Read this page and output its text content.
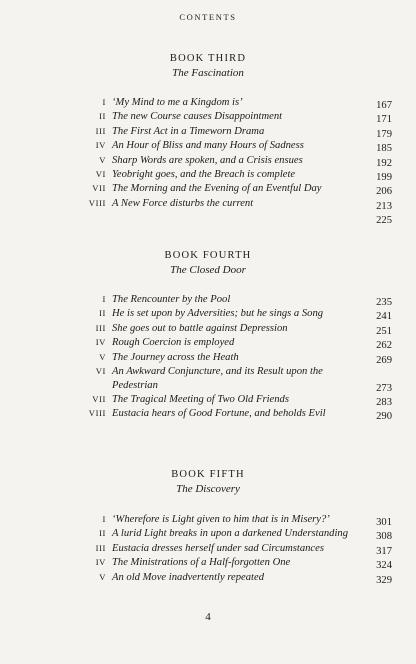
CONTENTS
BOOK THIRD
The Fascination
I ‘My Mind to me a Kingdom is’	167
II The new Course causes Disappointment	171
III The First Act in a Timeworn Drama	179
IV An Hour of Bliss and many Hours of Sadness	185
V Sharp Words are spoken, and a Crisis ensues	192
VI Yeobright goes, and the Breach is complete	199
VII The Morning and the Evening of an Eventful Day	206
VIII A New Force disturbs the current	213
225
BOOK FOURTH
The Closed Door
I The Rencounter by the Pool	235
II He is set upon by Adversities; but he sings a Song	241
III She goes out to battle against Depression	251
IV Rough Coercion is employed	262
V The Journey across the Heath	269
VI An Awkward Conjuncture, and its Result upon the Pedestrian	273
VII The Tragical Meeting of Two Old Friends	283
VIII Eustacia hears of Good Fortune, and beholds Evil	290
BOOK FIFTH
The Discovery
I ‘Wherefore is Light given to him that is in Misery?’	301
II A lurid Light breaks in upon a darkened Understanding	308
III Eustacia dresses herself under sad Circumstances	317
IV The Ministrations of a Half-forgotten One	324
V An old Move inadvertently repeated	329
4
